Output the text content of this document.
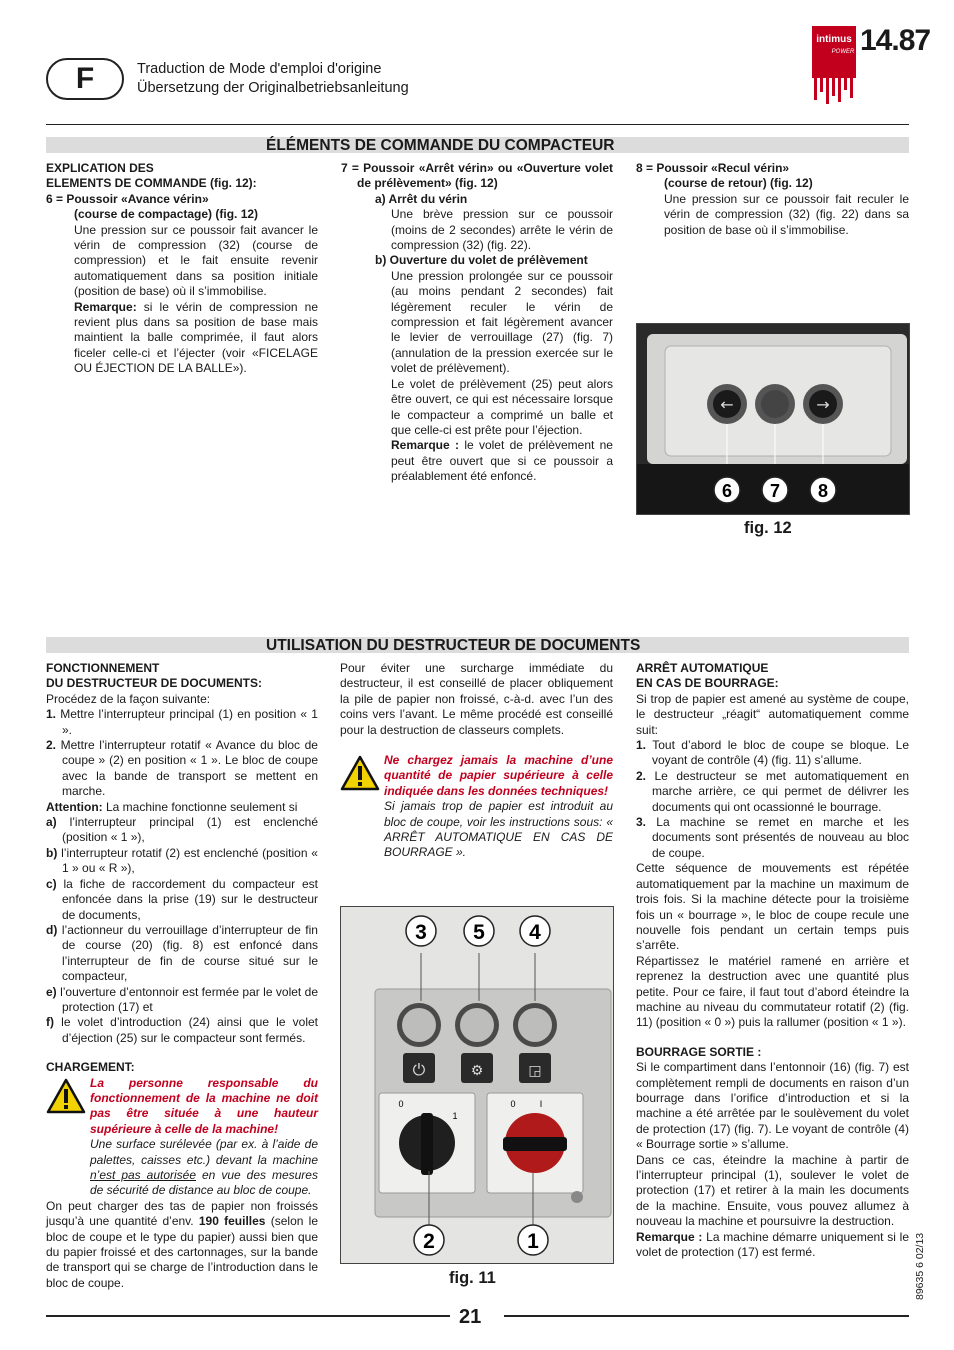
F	Traduction de Mode d'emploi d'origine
Übersetzung der Originalbetriebsanleitung
intimus
POWER 14.87
ÉLÉMENTS DE COMMANDE DU COMPACTEUR

EXPLICATION DES

ELEMENTS DE COMMANDE (fig. 12):

6 = Poussoir «Avance vérin»

(course de compactage) (fig. 12)

Une pression sur ce poussoir fait avancer le vérin de compression (32) (course de compression) et le fait ensuite revenir automatiquement dans sa position initiale (position de base) où il s’immobilise.

Remarque: si le vérin de compression ne revient plus dans sa position de base mais maintient la balle comprimée, il faut alors ficeler celle-ci et l’éjecter (voir «FICELAGE OU ÉJECTION DE LA BALLE»).

7 = Poussoir «Arrêt vérin» ou «Ouverture volet de prélèvement» (fig. 12)

a) Arrêt du vérin

Une brève pression sur ce poussoir (moins de 2 secondes) arrête le vérin de compression (32) (fig. 22).

b) Ouverture du volet de prélèvement

Une pression prolongée sur ce poussoir (au moins pendant 2 secondes) fait légèrement reculer le vérin de compression et fait légèrement avancer le levier de verrouillage (27) (fig. 7) (annulation de la pression exercée sur le volet de prélèvement).

Le volet de prélèvement (25) peut alors être ouvert, ce qui est nécessaire lorsque le compacteur a comprimé un balle et que celle-ci est prête pour l’éjection.

Remarque : le volet de prélèvement ne peut être ouvert que si ce poussoir a préalablement été enfoncé.

8 = Poussoir «Recul vérin»

(course de retour) (fig. 12)

Une pression sur ce poussoir fait reculer le vérin de compression (32) (fig. 22) dans sa position de base où il s’immobilise.

←	→
6 7 8
fig. 12
UTILISATION DU DESTRUCTEUR DE DOCUMENTS

FONCTIONNEMENT

DU DESTRUCTEUR DE DOCUMENTS:

Procédez de la façon suivante:

1. Mettre l’interrupteur principal (1) en position « 1 ».

2. Mettre l’interrupteur rotatif « Avance du bloc de coupe » (2) en position « 1 ». Le bloc de coupe avec la bande de transport se mettent en marche.

Attention: La machine fonctionne seulement si

a) l’interrupteur principal (1) est enclenché (position « 1 »),

b) l’interrupteur rotatif (2) est enclenché (position « 1 » ou « R »),

c) la fiche de raccordement du compacteur est enfoncée dans la prise (19) sur le destructeur de documents,

d) l’actionneur du verrouillage d’interrupteur de fin de course (20) (fig. 8) est enfoncé dans l’interrupteur de fin de course situé sur le compacteur,

e) l’ouverture d’entonnoir est fermée par le volet de protection (17) et

f) le volet d’introduction (24) ainsi que le volet d’éjection (25) sur le compacteur sont fermés.

CHARGEMENT:

La personne responsable du fonctionnement de la machine ne doit pas être située à une hauteur supérieure à celle de la machine!

Une surface surélevée (par ex. à l’aide de palettes, caisses etc.) devant la machine n’est pas autorisée en vue des mesures de sécurité de distance au bloc de coupe.

On peut charger des tas de papier non froissés jusqu’à une quantité d’env. 190 feuilles (selon le bloc de coupe et le type du papier) aussi bien que du papier froissé et des cartonnages, sur la bande de transport qui se charge de l’introduction dans le bloc de coupe.

Pour éviter une surcharge immédiate du destructeur, il est conseillé de placer obliquement la pile de papier non froissé, c-à-d. avec l’un des coins vers l’avant. Le même procédé est conseillé pour la destruction de classeurs complets.

Ne chargez jamais la machine d’une quantité de papier supérieure à celle indiquée dans les données techniques!

Si jamais trop de papier est introduit au bloc de coupe, voir les instructions sous: « ARRÊT AUTOMATIQUE EN CAS DE BOURRAGE ».

⏻	⚙	◲
0
1
0	I
3 5 4
2	1
fig. 11

ARRÊT AUTOMATIQUE

EN CAS DE BOURRAGE:

Si trop de papier est amené au système de coupe, le destructeur „réagit“ automatiquement comme suit:

1. Tout d’abord le bloc de coupe se bloque. Le voyant de contrôle (4) (fig. 11) s’allume.

2. Le destructeur se met automatiquement en marche arrière, ce qui permet de délivrer les documents qui ont ocassionné le bourrage.

3. La machine se remet en marche et les documents sont présentés de nouveau au bloc de coupe.

Cette séquence de mouvements est répétée automatiquement par la machine un maximum de trois fois. Si la machine détecte pour la troisième fois un « bourrage », le bloc de coupe recule une nouvelle fois pendant un certain temps puis s’arrête.

Répartissez le matériel ramené en arrière et reprenez la destruction avec une quantité plus petite. Pour ce faire, il faut tout d’abord éteindre la machine au niveau du commutateur rotatif (2) (fig. 11) (position « 0 ») puis la rallumer (position « 1 »).

BOURRAGE SORTIE :

Si le compartiment dans l’entonnoir (16) (fig. 7) est complètement rempli de documents en raison d’un bourrage dans l’orifice d’introduction et si la machine a été arrêtée par le soulèvement du volet de protection (17) (fig. 7). Le voyant de contrôle (4) « Bourrage sortie » s’allume.

Dans ce cas, éteindre la machine à partir de l’interrupteur principal (1), soulever le volet de protection (17) et retirer à la main les documents de la machine. Ensuite, vous pouvez allumez à nouveau la machine et poursuivre la destruction.

Remarque : La machine démarre uniquement si le volet de protection (17) est fermé.

21
89635 6 02/13
